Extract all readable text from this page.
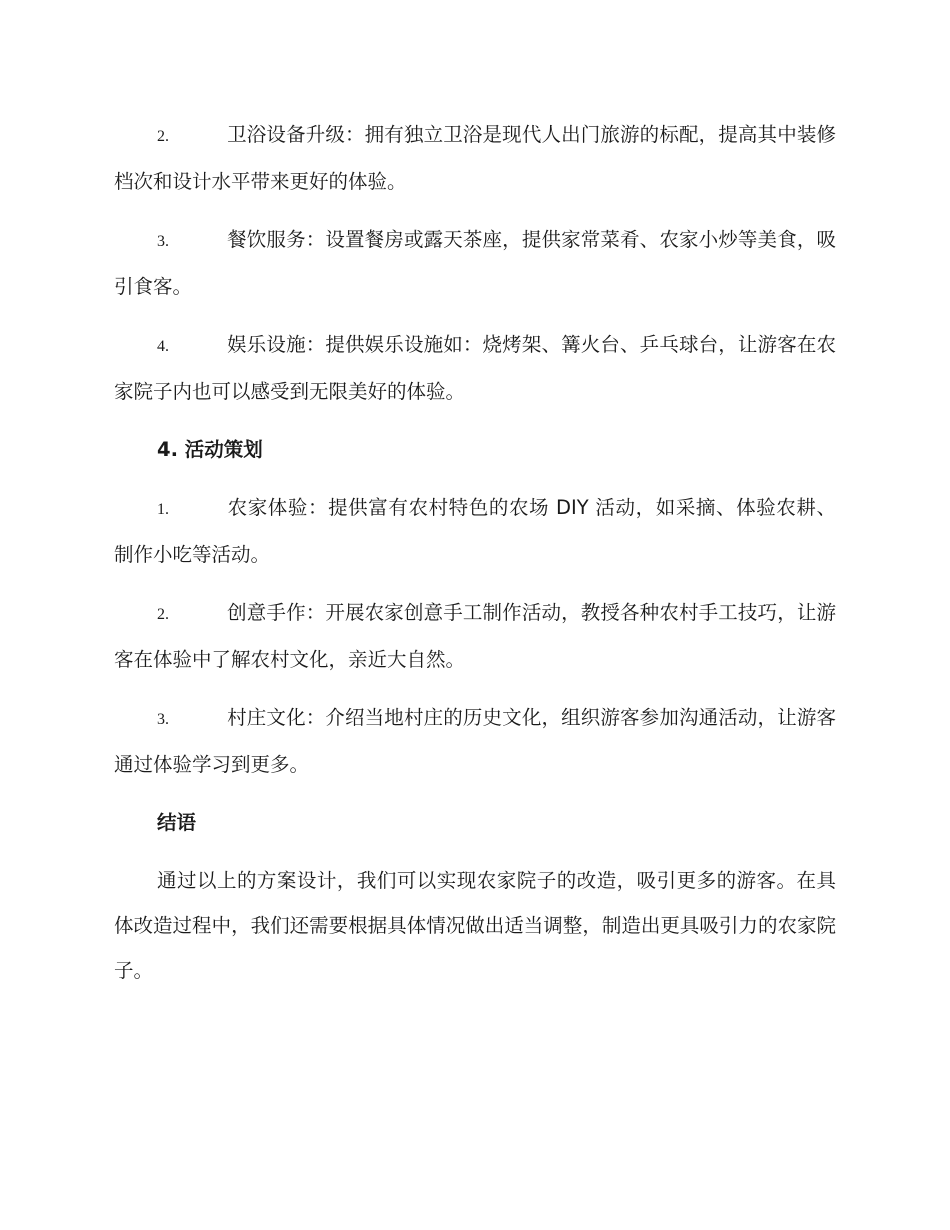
2.	卫浴设备升级：拥有独立卫浴是现代人出门旅游的标配，提高其中装修档次和设计水平带来更好的体验。

3.	餐饮服务：设置餐房或露天茶座，提供家常菜肴、农家小炒等美食，吸引食客。

4.	娱乐设施：提供娱乐设施如：烧烤架、篝火台、乒乓球台，让游客在农家院子内也可以感受到无限美好的体验。

4. 活动策划

1.	农家体验：提供富有农村特色的农场 DIY 活动，如采摘、体验农耕、制作小吃等活动。

2.	创意手作：开展农家创意手工制作活动，教授各种农村手工技巧，让游客在体验中了解农村文化，亲近大自然。

3.	村庄文化：介绍当地村庄的历史文化，组织游客参加沟通活动，让游客通过体验学习到更多。

结语

通过以上的方案设计，我们可以实现农家院子的改造，吸引更多的游客。在具体改造过程中，我们还需要根据具体情况做出适当调整，制造出更具吸引力的农家院子。
